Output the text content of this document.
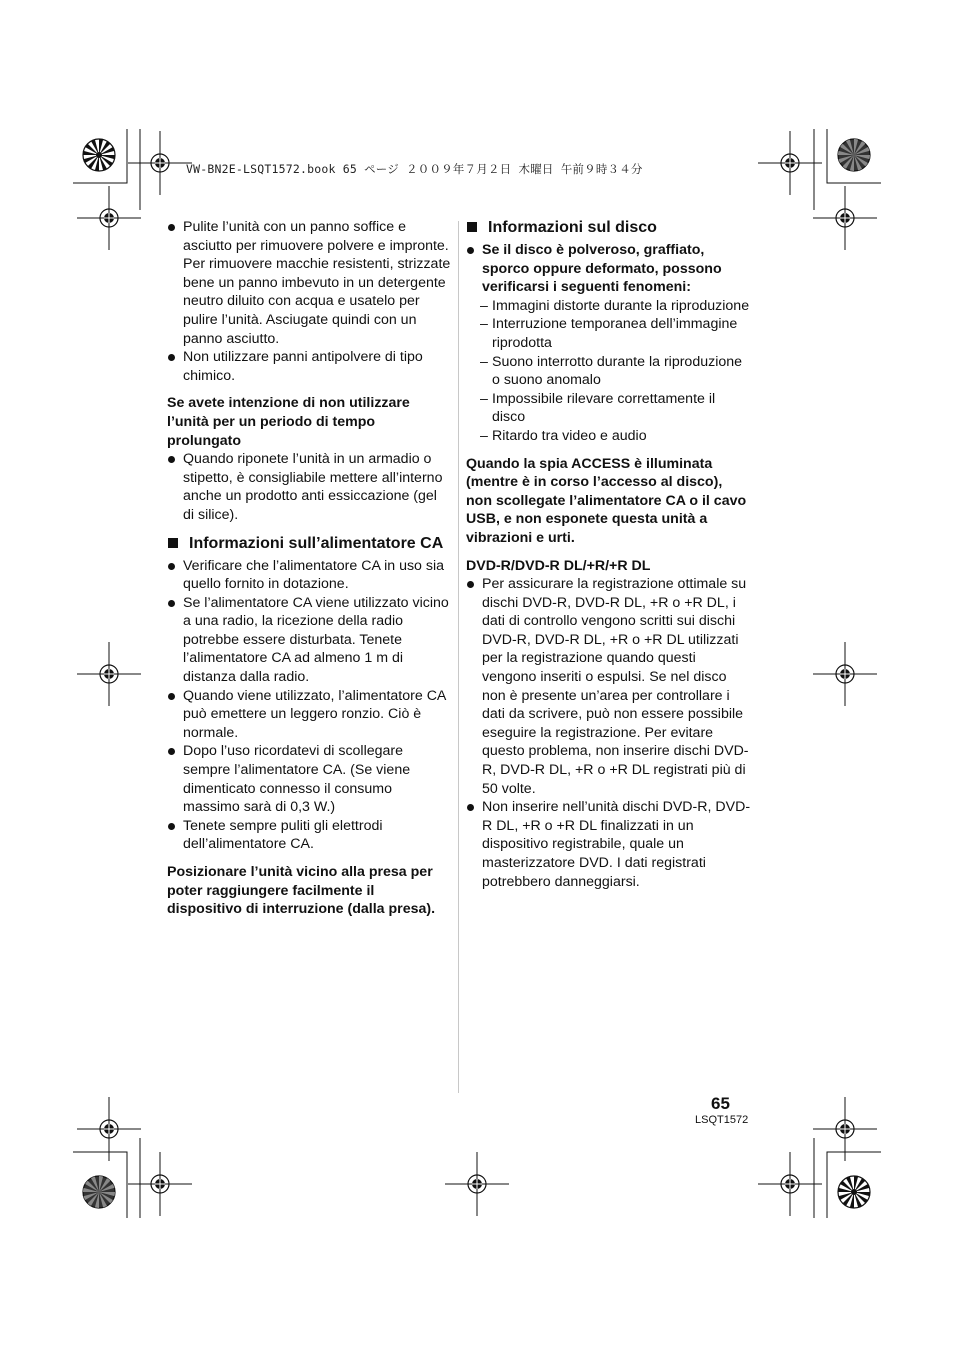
VW-BN2E-LSQT1572.book 65 ページ ２００９年７月２日 木曜日 午前９時３４分
Pulite l’unità con un panno soffice e asciutto per rimuovere polvere e impronte. Per rimuovere macchie resistenti, strizzate bene un panno imbevuto in un detergente neutro diluito con acqua e usatelo per pulire l’unità. Asciugate quindi con un panno asciutto.
Non utilizzare panni antipolvere di tipo chimico.
Se avete intenzione di non utilizzare l’unità per un periodo di tempo prolungato
Quando riponete l’unità in un armadio o stipetto, è consigliabile mettere all’interno anche un prodotto anti essiccazione (gel di silice).
Informazioni sull’alimentatore CA
Verificare che l’alimentatore CA in uso sia quello fornito in dotazione.
Se l’alimentatore CA viene utilizzato vicino a una radio, la ricezione della radio potrebbe essere disturbata. Tenete l’alimentatore CA ad almeno 1 m di distanza dalla radio.
Quando viene utilizzato, l’alimentatore CA può emettere un leggero ronzio. Ciò è normale.
Dopo l’uso ricordatevi di scollegare sempre l’alimentatore CA. (Se viene dimenticato connesso il consumo massimo sarà di 0,3 W.)
Tenete sempre puliti gli elettrodi dell’alimentatore CA.
Posizionare l’unità vicino alla presa per poter raggiungere facilmente il dispositivo di interruzione (dalla presa).
Informazioni sul disco
Se il disco è polveroso, graffiato, sporco oppure deformato, possono verificarsi i seguenti fenomeni:
– Immagini distorte durante la riproduzione
– Interruzione temporanea dell’immagine riprodotta
– Suono interrotto durante la riproduzione o suono anomalo
– Impossibile rilevare correttamente il disco
– Ritardo tra video e audio
Quando la spia ACCESS è illuminata (mentre è in corso l’accesso al disco), non scollegate l’alimentatore CA o il cavo USB, e non esponete questa unità a vibrazioni e urti.
DVD-R/DVD-R DL/+R/+R DL
Per assicurare la registrazione ottimale su dischi DVD-R, DVD-R DL, +R o +R DL, i dati di controllo vengono scritti sui dischi DVD-R, DVD-R DL, +R o +R DL utilizzati per la registrazione quando questi vengono inseriti o espulsi. Se nel disco non è presente un’area per controllare i dati da scrivere, può non essere possibile eseguire la registrazione. Per evitare questo problema, non inserire dischi DVD-R, DVD-R DL, +R o +R DL registrati più di 50 volte.
Non inserire nell’unità dischi DVD-R, DVD-R DL, +R o +R DL finalizzati in un dispositivo registrabile, quale un masterizzatore DVD. I dati registrati potrebbero danneggiarsi.
65
LSQT1572
